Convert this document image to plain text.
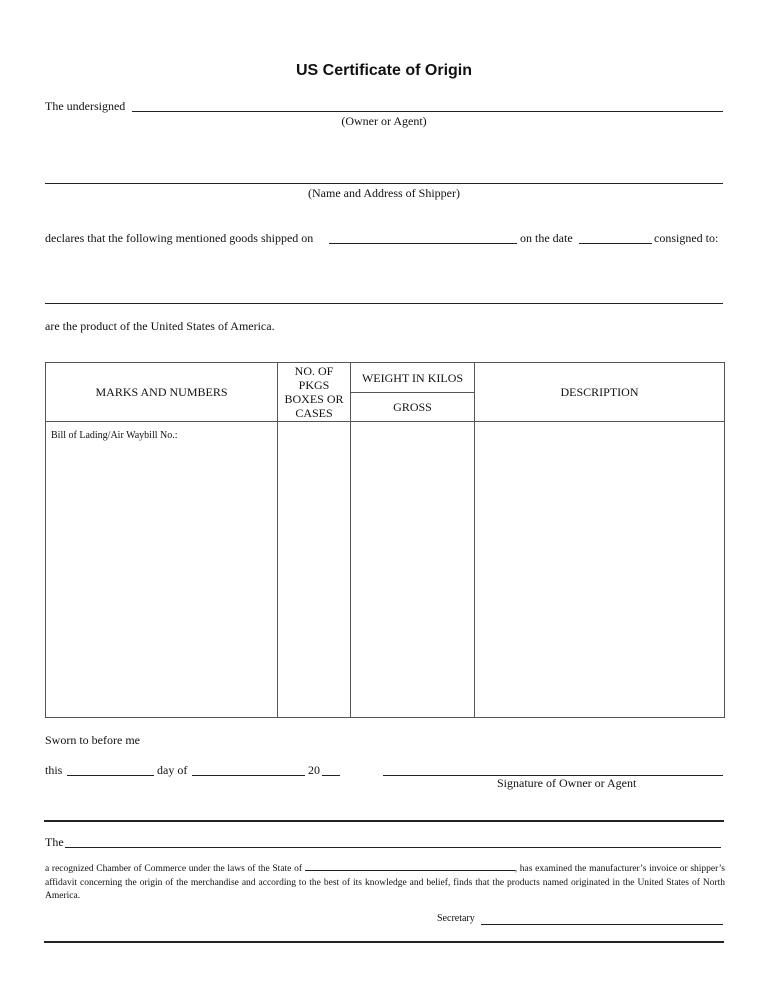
US Certificate of Origin
The undersigned
(Owner or Agent)
(Name and Address of Shipper)
declares that the following mentioned goods shipped on	on the date	consigned to:
are the product of the United States of America.
MARKS AND NUMBERS	NO. OF PKGS BOXES OR CASES	WEIGHT IN KILOS	DESCRIPTION
		GROSS	

Bill of Lading/Air Waybill No.:			

Sworn to before me
this	day of	20
Signature of Owner or Agent
The
a recognized Chamber of Commerce under the laws of the State of	, has examined the manufacturer’s invoice or shipper’s affidavit concerning the origin of the merchandise and according to the best of its knowledge and belief, finds that the products named originated in the United States of North America.
Secretary
